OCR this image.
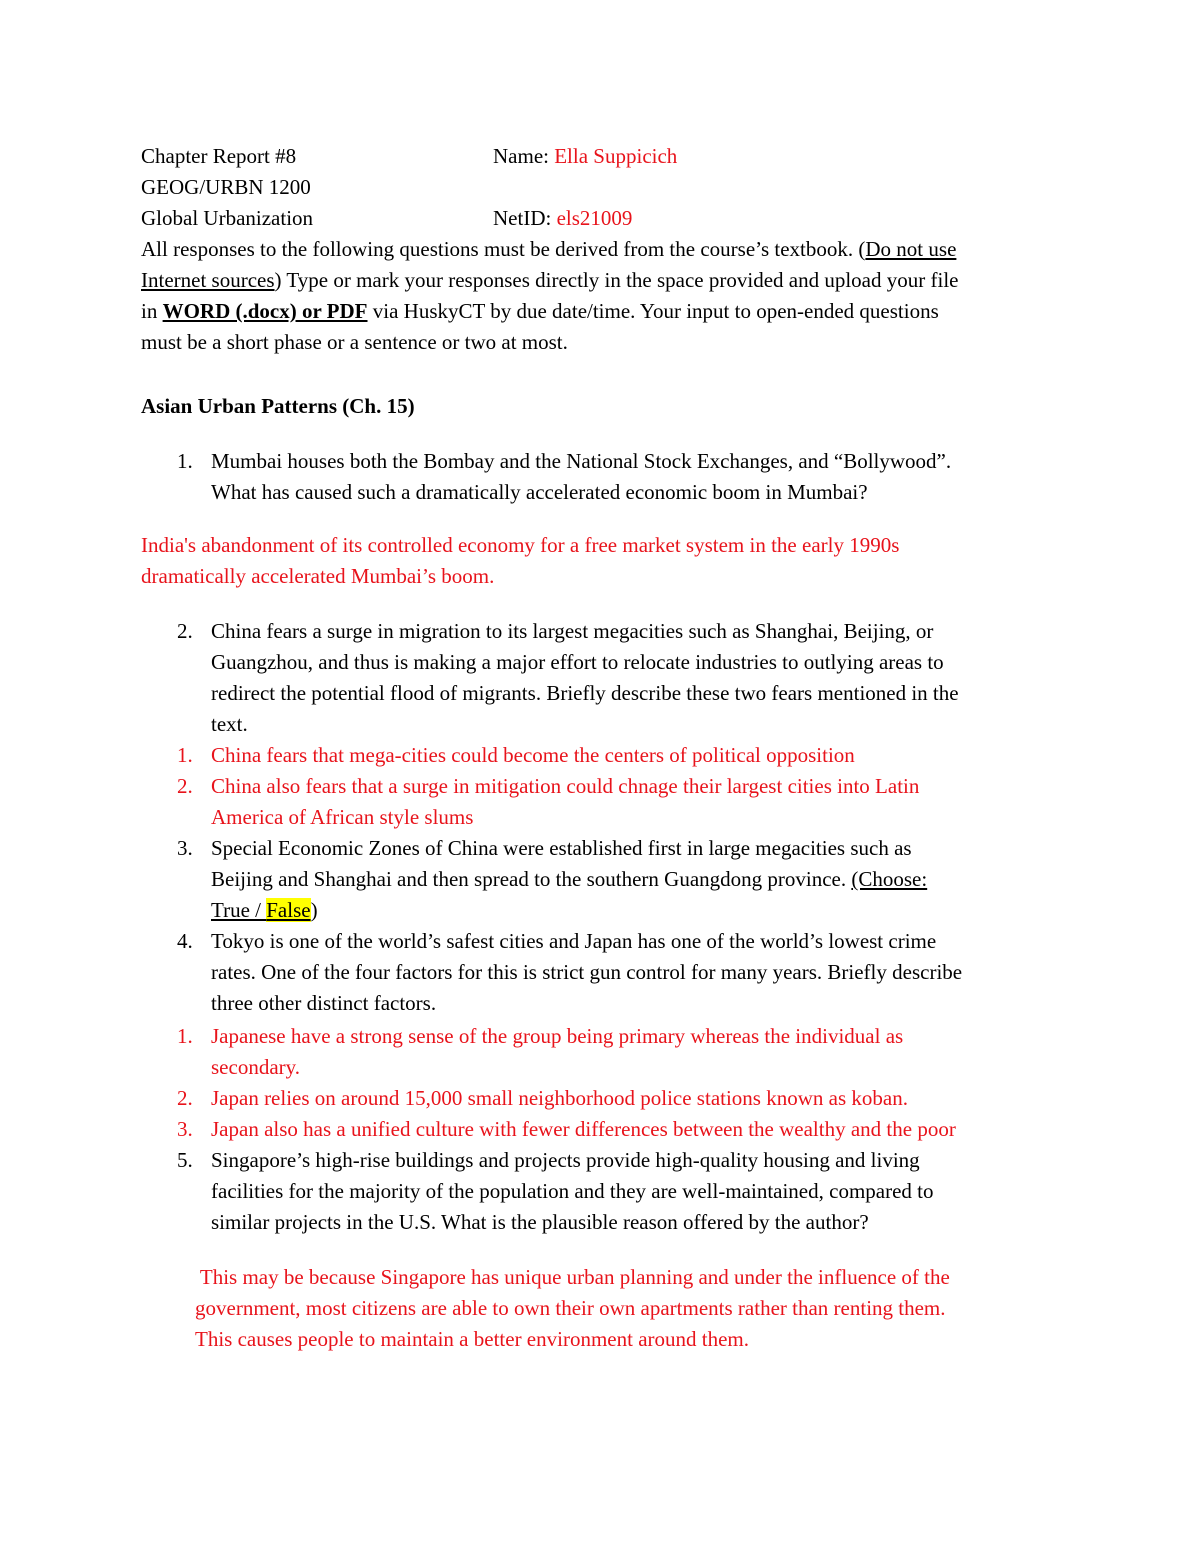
Chapter Report #8	Name: Ella Suppicich
GEOG/URBN 1200
Global Urbanization	NetID: els21009
All responses to the following questions must be derived from the course’s textbook. (Do not use
Internet sources) Type or mark your responses directly in the space provided and upload your file
in WORD (.docx) or PDF via HuskyCT by due date/time. Your input to open-ended questions
must be a short phase or a sentence or two at most.
Asian Urban Patterns (Ch. 15)
1. Mumbai houses both the Bombay and the National Stock Exchanges, and “Bollywood”.
What has caused such a dramatically accelerated economic boom in Mumbai?
India's abandonment of its controlled economy for a free market system in the early 1990s
dramatically accelerated Mumbai’s boom.
2. China fears a surge in migration to its largest megacities such as Shanghai, Beijing, or
Guangzhou, and thus is making a major effort to relocate industries to outlying areas to
redirect the potential flood of migrants. Briefly describe these two fears mentioned in the
text.
1. China fears that mega-cities could become the centers of political opposition
2. China also fears that a surge in mitigation could chnage their largest cities into Latin
America of African style slums
3. Special Economic Zones of China were established first in large megacities such as
Beijing and Shanghai and then spread to the southern Guangdong province. (Choose:
True / False)
4. Tokyo is one of the world’s safest cities and Japan has one of the world’s lowest crime
rates. One of the four factors for this is strict gun control for many years. Briefly describe
three other distinct factors.
1. Japanese have a strong sense of the group being primary whereas the individual as
secondary.
2. Japan relies on around 15,000 small neighborhood police stations known as koban.
3. Japan also has a unified culture with fewer differences between the wealthy and the poor
5. Singapore’s high-rise buildings and projects provide high-quality housing and living
facilities for the majority of the population and they are well-maintained, compared to
similar projects in the U.S. What is the plausible reason offered by the author?
This may be because Singapore has unique urban planning and under the influence of the
government, most citizens are able to own their own apartments rather than renting them.
This causes people to maintain a better environment around them.
